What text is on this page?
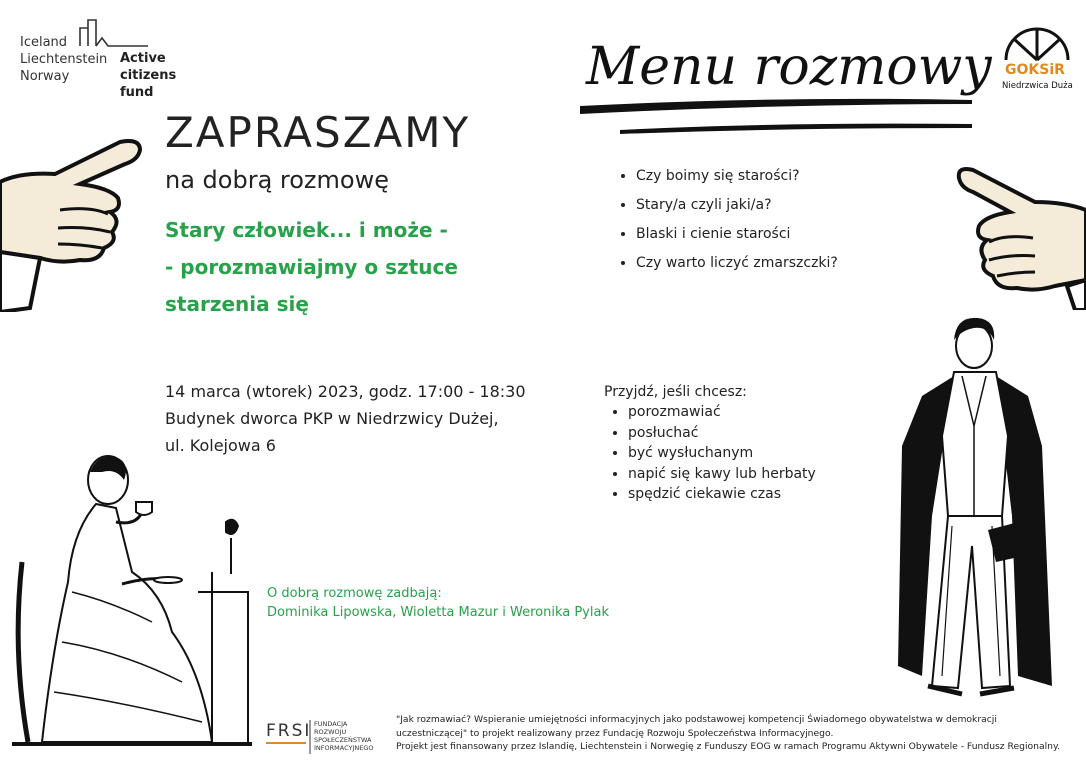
Iceland
Liechtenstein
Norway
Active
citizens fund
ZAPRASZAMY
na dobrą rozmowę
Stary człowiek... i może -
- porozmawiajmy o sztuce
starzenia się
Menu rozmowy GOKSiR
Niedrzwica Duża
• Czy boimy się starości?
• Stary/a czyli jaki/a?
• Blaski i cienie starości
• Czy warto liczyć zmarszczki?
14 marca (wtorek) 2023, godz. 17:00 - 18:30
Budynek dworca PKP w Niedrzwicy Dużej,
ul. Kolejowa 6
Przyjdź, jeśli chcesz:
• porozmawiać
• posłuchać
• być wysłuchanym
• napić się kawy lub herbaty
• spędzić ciekawie czas
O dobrą rozmowę zadbają:
Dominika Lipowska, Wioletta Mazur i Weronika Pylak
FRSI FUNDACJA
ROZWOJU
SPOŁECZEŃSTWA
INFORMACYJNEGO
"Jak rozmawiać? Wspieranie umiejętności informacyjnych jako podstawowej kompetencji Świadomego obywatelstwa w demokracji
uczestniczącej" to projekt realizowany przez Fundację Rozwoju Społeczeństwa Informacyjnego.
Projekt jest finansowany przez Islandię, Liechtenstein i Norwegię z Funduszy EOG w ramach Programu Aktywni Obywatele - Fundusz Regionalny.
